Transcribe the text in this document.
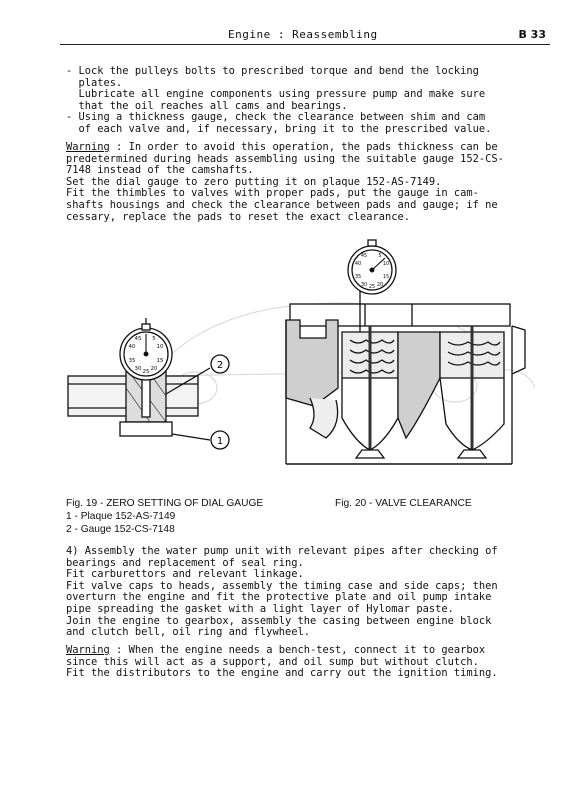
Engine : Reassembling	B 33
- Lock the pulleys bolts to prescribed torque and bend the locking
plates.
Lubricate all engine components using pressure pump and make sure
that the oil reaches all cams and bearings.
- Using a thickness gauge, check the clearance between shim and cam
of each valve and, if necessary, bring it to the prescribed value.
Warning : In order to avoid this operation, the pads thickness can be
predetermined during heads assembling using the suitable gauge 152-CS-
7148 instead of the camshafts.
Set the dial gauge to zero putting it on plaque 152-AS-7149.
Fit the thimbles to valves with proper pads, put the gauge in cam-
shafts housings and check the clearance between pads and gauge; if ne
cessary, replace the pads to reset the exact clearance.
45 5
40	10
35	15
30 20
25
1
2
45 5
40	10
35	15
30 20
25
Fig. 19 - ZERO SETTING OF DIAL GAUGE	Fig. 20 - VALVE CLEARANCE
1 - Plaque 152-AS-7149
2 - Gauge 152-CS-7148
4) Assembly the water pump unit with relevant pipes after checking of
bearings and replacement of seal ring.
Fit carburettors and relevant linkage.
Fit valve caps to heads, assembly the timing case and side caps; then
overturn the engine and fit the protective plate and oil pump intake
pipe spreading the gasket with a light layer of Hylomar paste.
Join the engine to gearbox, assembly the casing between engine block
and clutch bell, oil ring and flywheel.
Warning : When the engine needs a bench-test, connect it to gearbox
since this will act as a support, and oil sump but without clutch.
Fit the distributors to the engine and carry out the ignition timing.
